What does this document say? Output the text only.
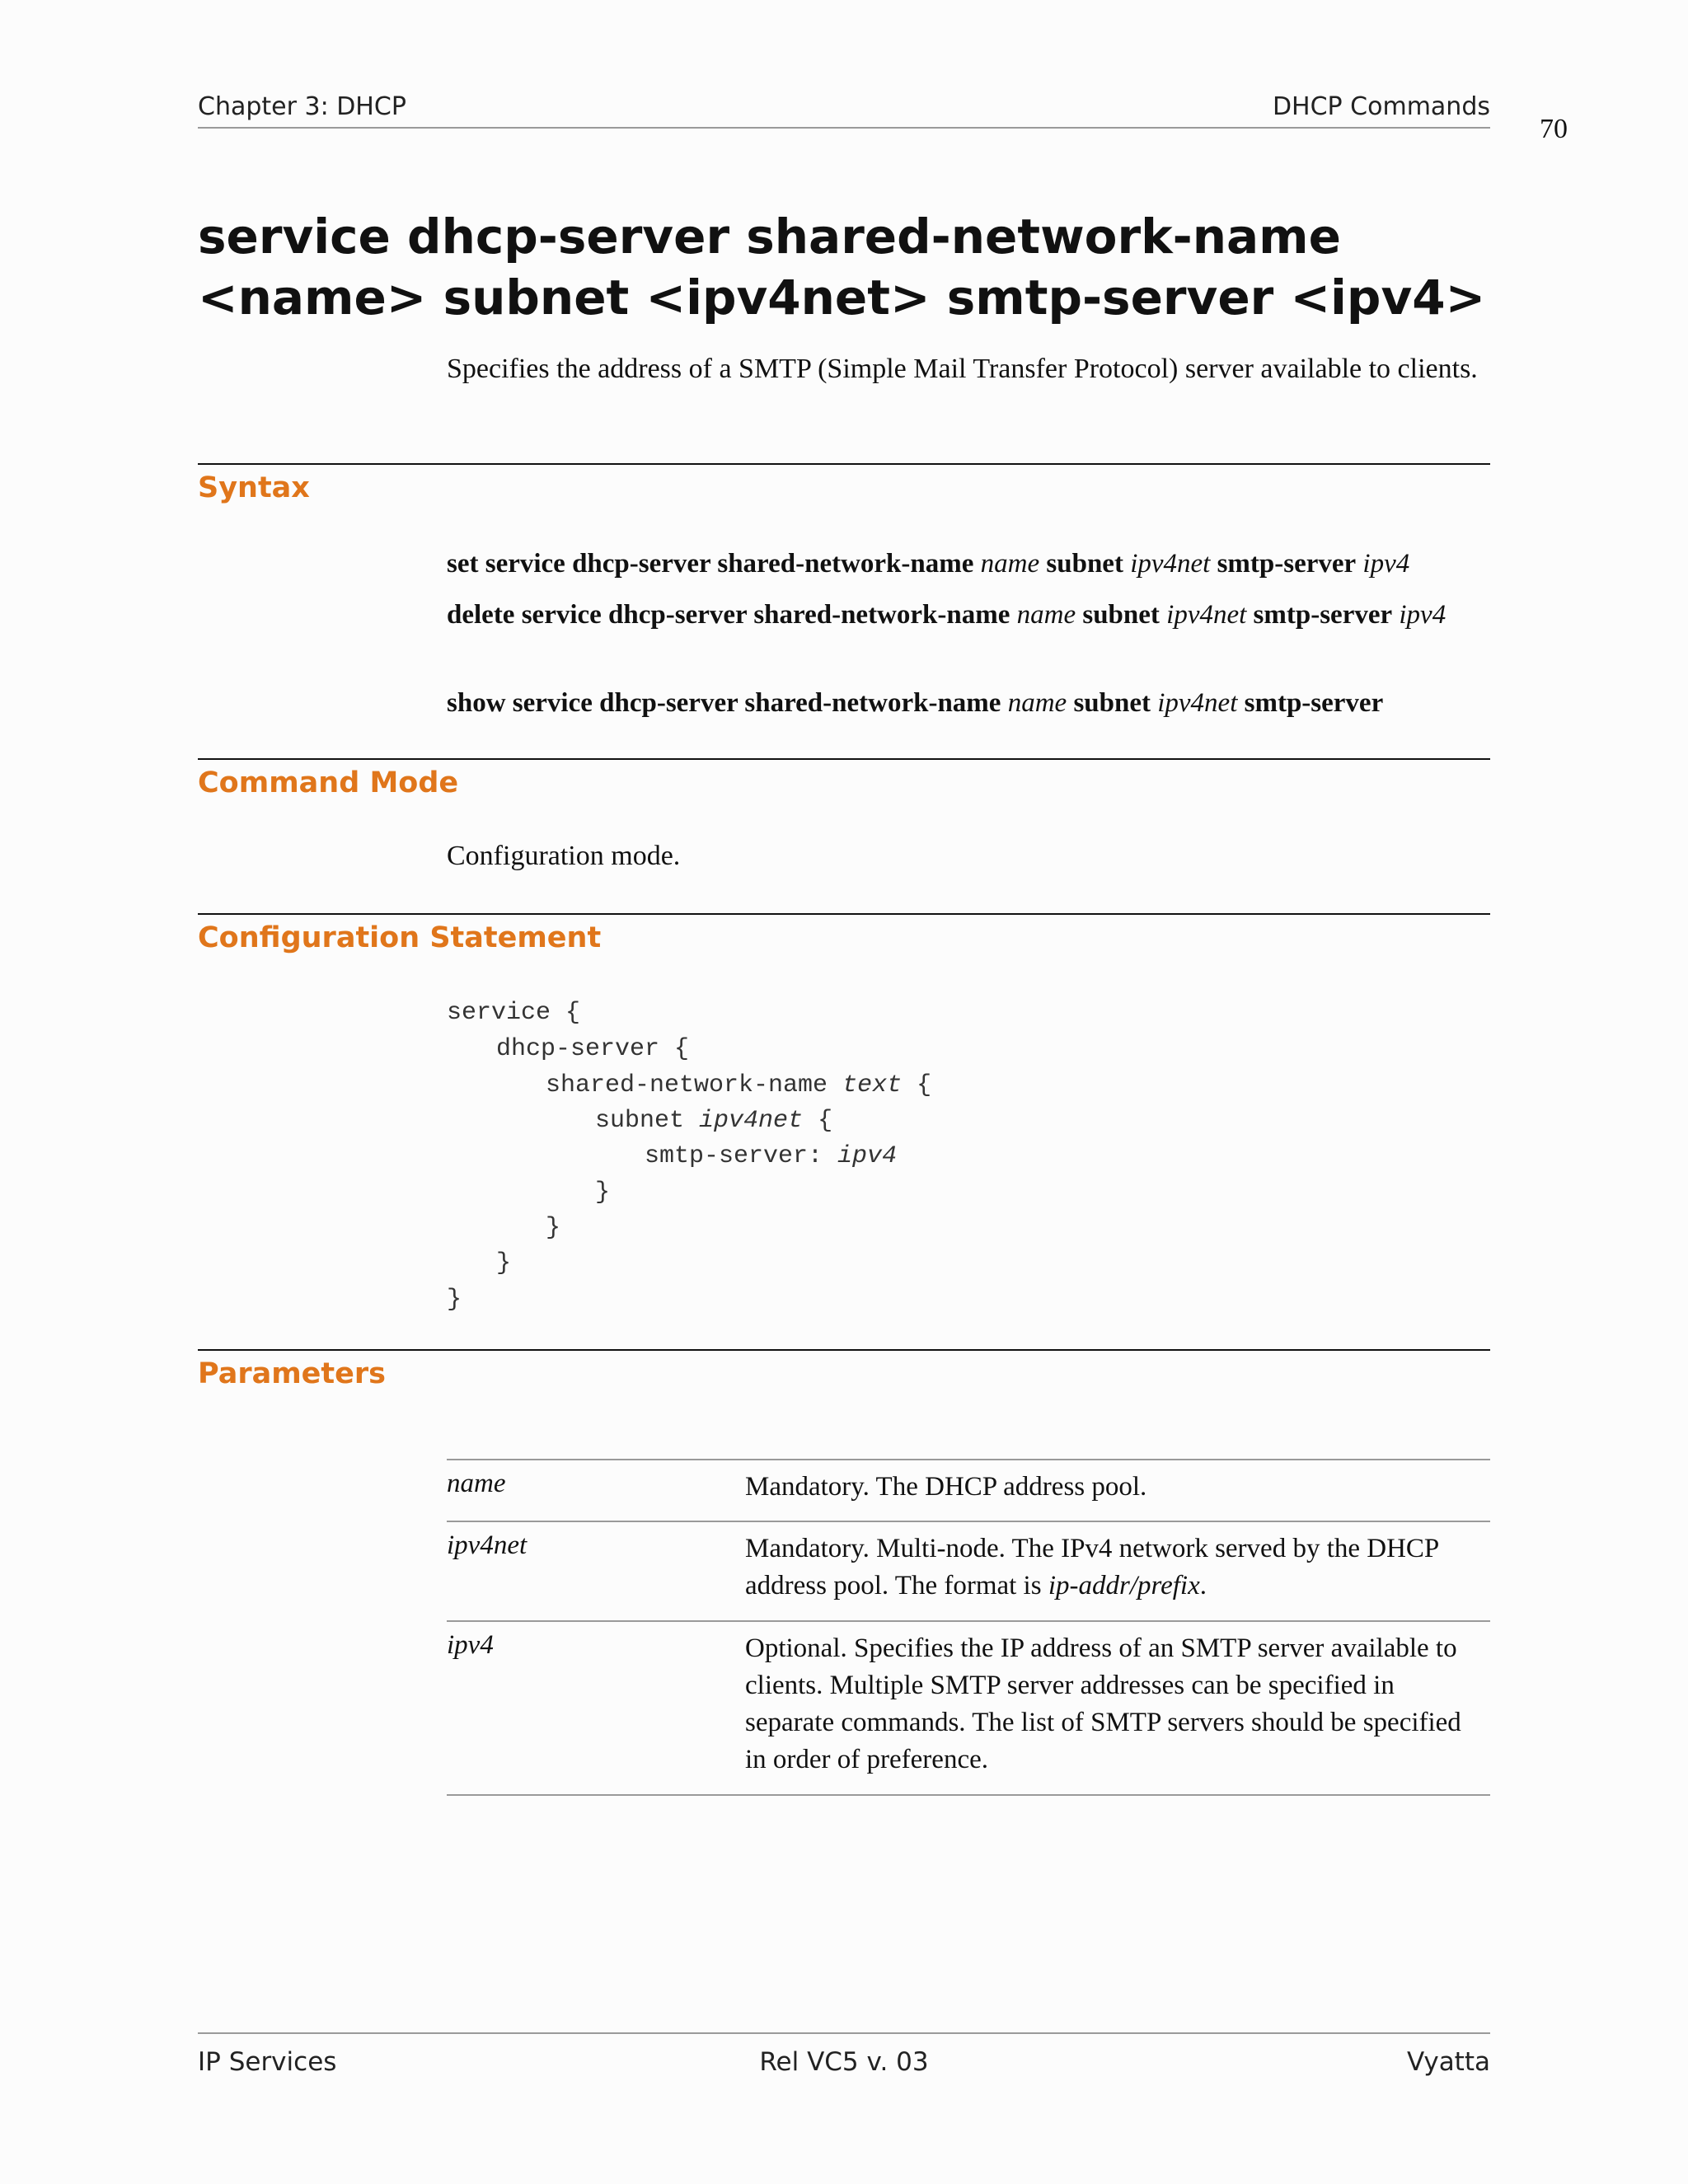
Chapter 3: DHCP	DHCP Commands
70
service dhcp-server shared-network-name <name> subnet <ipv4net> smtp-server <ipv4>
Specifies the address of a SMTP (Simple Mail Transfer Protocol) server available to clients.
Syntax
set service dhcp-server shared-network-name name subnet ipv4net smtp-server ipv4
delete service dhcp-server shared-network-name name subnet ipv4net smtp-server ipv4
show service dhcp-server shared-network-name name subnet ipv4net smtp-server
Command Mode
Configuration mode.
Configuration Statement
service {
dhcp-server {
shared-network-name text {
subnet ipv4net {
smtp-server: ipv4
}
}
}
}
Parameters
name	Mandatory. The DHCP address pool.
ipv4net	Mandatory. Multi-node. The IPv4 network served by the DHCP address pool. The format is ip-addr/prefix.
ipv4	Optional. Specifies the IP address of an SMTP server available to clients. Multiple SMTP server addresses can be specified in separate commands. The list of SMTP servers should be specified in order of preference.
IP Services	Rel VC5 v. 03	Vyatta
